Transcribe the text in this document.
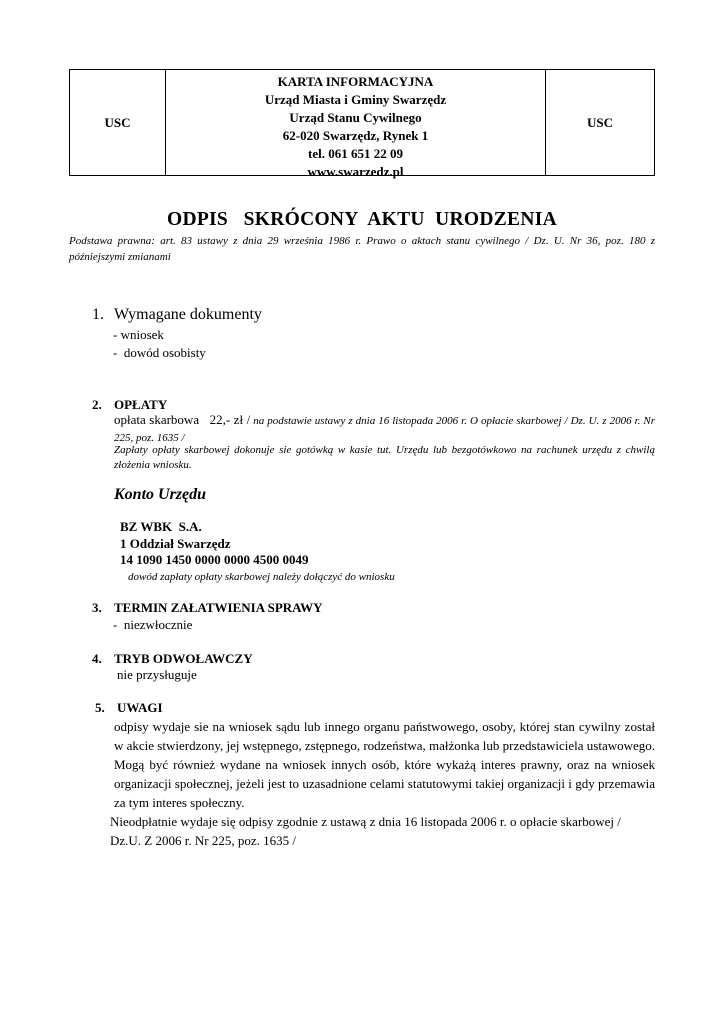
USC
KARTA INFORMACYJNA
Urząd Miasta i Gminy Swarzędz
Urząd Stanu Cywilnego
62-020 Swarzędz, Rynek 1
tel. 061 651 22 09
www.swarzedz.pl
USC
ODPIS   SKRÓCONY  AKTU  URODZENIA
Podstawa prawna: art. 83 ustawy z dnia 29 września 1986 r. Prawo o aktach stanu cywilnego / Dz. U. Nr 36, poz. 180 z późniejszymi zmianami
1. Wymagane dokumenty
- wniosek
-  dowód osobisty
2. OPŁATY
opłata skarbowa   22,- zł / na podstawie ustawy z dnia 16 listopada 2006 r. O opłacie skarbowej / Dz. U. z 2006 r. Nr 225, poz. 1635 /
Zapłaty opłaty skarbowej dokonuje sie gotówką w kasie tut. Urzędu lub bezgotówkowo na rachunek urzędu z chwilą złożenia wniosku.
Konto Urzędu
BZ WBK  S.A.
1 Oddział Swarzędz
14 1090 1450 0000 0000 4500 0049
dowód zapłaty opłaty skarbowej należy dołączyć do wniosku
3. TERMIN ZAŁATWIENIA SPRAWY
-  niezwłocznie
4. TRYB ODWOŁAWCZY
nie przysługuje
5. UWAGI
odpisy wydaje sie na wniosek sądu lub innego organu państwowego, osoby, której stan cywilny został w akcie stwierdzony, jej wstępnego, zstępnego, rodzeństwa, małżonka lub przedstawiciela ustawowego. Mogą być również wydane na wniosek innych osób, które wykażą interes prawny, oraz na wniosek organizacji społecznej, jeżeli jest to uzasadnione celami statutowymi takiej organizacji i gdy przemawia za tym interes społeczny.
Nieodpłatnie wydaje się odpisy zgodnie z ustawą z dnia 16 listopada 2006 r. o opłacie skarbowej / Dz.U. Z 2006 r. Nr 225, poz. 1635 /
